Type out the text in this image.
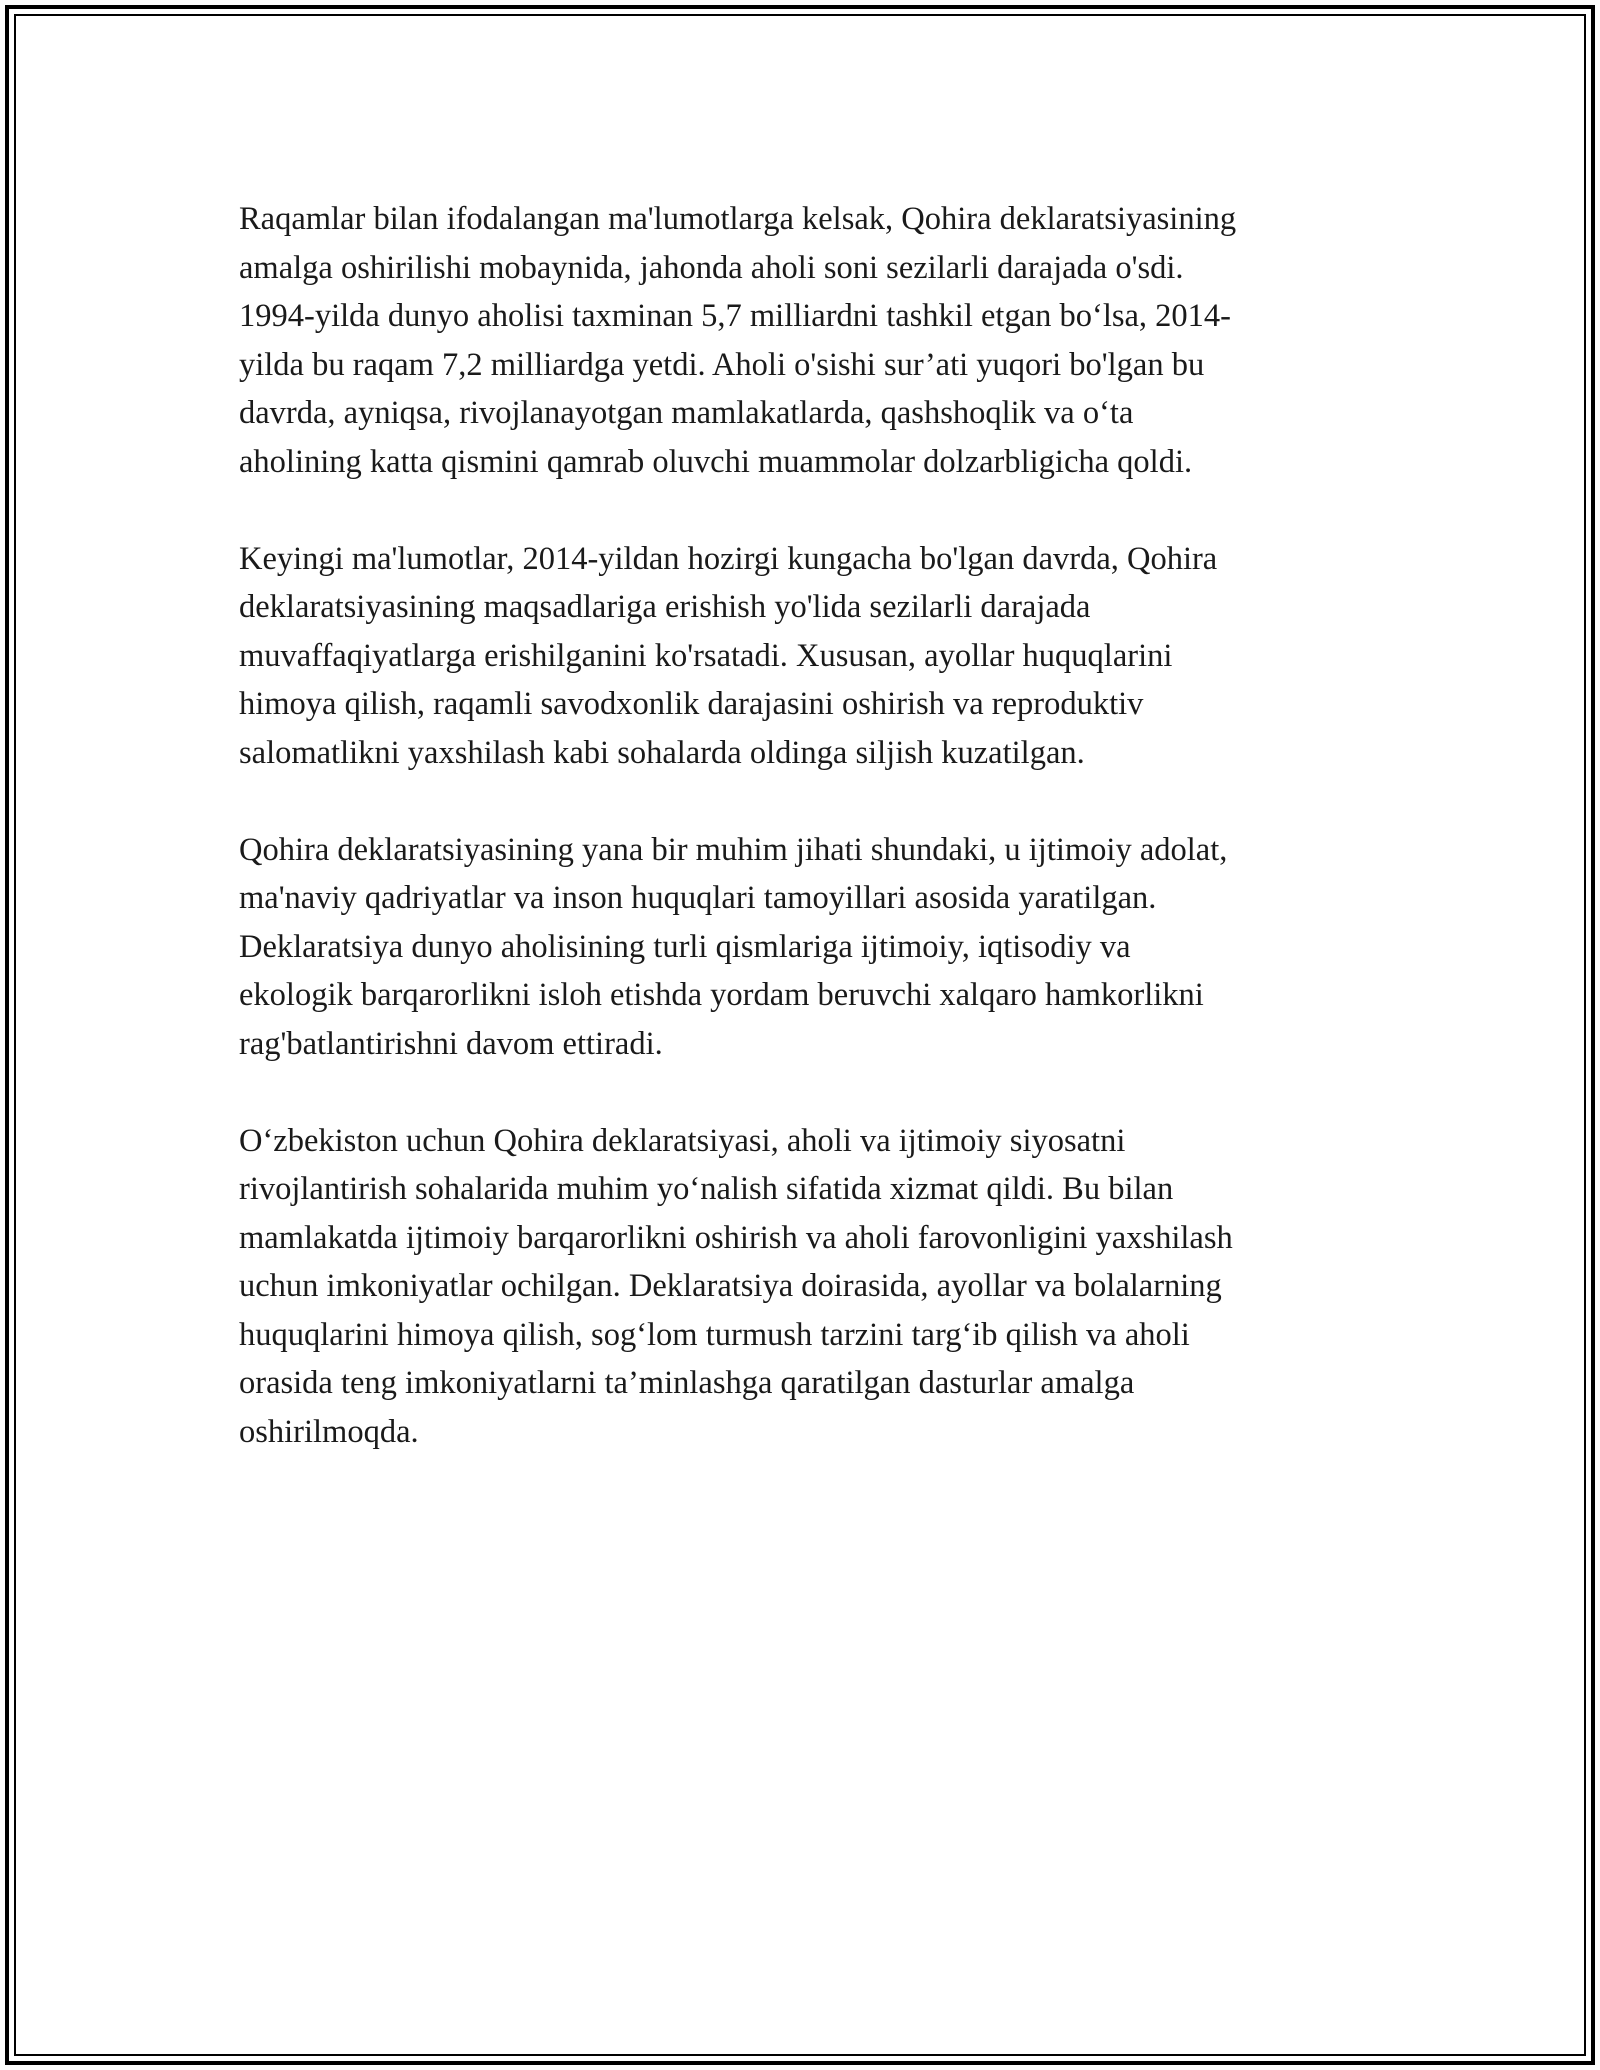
Raqamlar bilan ifodalangan ma'lumotlarga kelsak, Qohira deklaratsiyasining
amalga oshirilishi mobaynida, jahonda aholi soni sezilarli darajada o'sdi.
1994-yilda dunyo aholisi taxminan 5,7 milliardni tashkil etgan bo‘lsa, 2014-
yilda bu raqam 7,2 milliardga yetdi. Aholi o'sishi sur’ati yuqori bo'lgan bu
davrda, ayniqsa, rivojlanayotgan mamlakatlarda, qashshoqlik va o‘ta
aholining katta qismini qamrab oluvchi muammolar dolzarbligicha qoldi.

Keyingi ma'lumotlar, 2014-yildan hozirgi kungacha bo'lgan davrda, Qohira
deklaratsiyasining maqsadlariga erishish yo'lida sezilarli darajada
muvaffaqiyatlarga erishilganini ko'rsatadi. Xususan, ayollar huquqlarini
himoya qilish, raqamli savodxonlik darajasini oshirish va reproduktiv
salomatlikni yaxshilash kabi sohalarda oldinga siljish kuzatilgan.

Qohira deklaratsiyasining yana bir muhim jihati shundaki, u ijtimoiy adolat,
ma'naviy qadriyatlar va inson huquqlari tamoyillari asosida yaratilgan.
Deklaratsiya dunyo aholisining turli qismlariga ijtimoiy, iqtisodiy va
ekologik barqarorlikni isloh etishda yordam beruvchi xalqaro hamkorlikni
rag'batlantirishni davom ettiradi.

O‘zbekiston uchun Qohira deklaratsiyasi, aholi va ijtimoiy siyosatni
rivojlantirish sohalarida muhim yo‘nalish sifatida xizmat qildi. Bu bilan
mamlakatda ijtimoiy barqarorlikni oshirish va aholi farovonligini yaxshilash
uchun imkoniyatlar ochilgan. Deklaratsiya doirasida, ayollar va bolalarning
huquqlarini himoya qilish, sog‘lom turmush tarzini targ‘ib qilish va aholi
orasida teng imkoniyatlarni ta’minlashga qaratilgan dasturlar amalga
oshirilmoqda.
